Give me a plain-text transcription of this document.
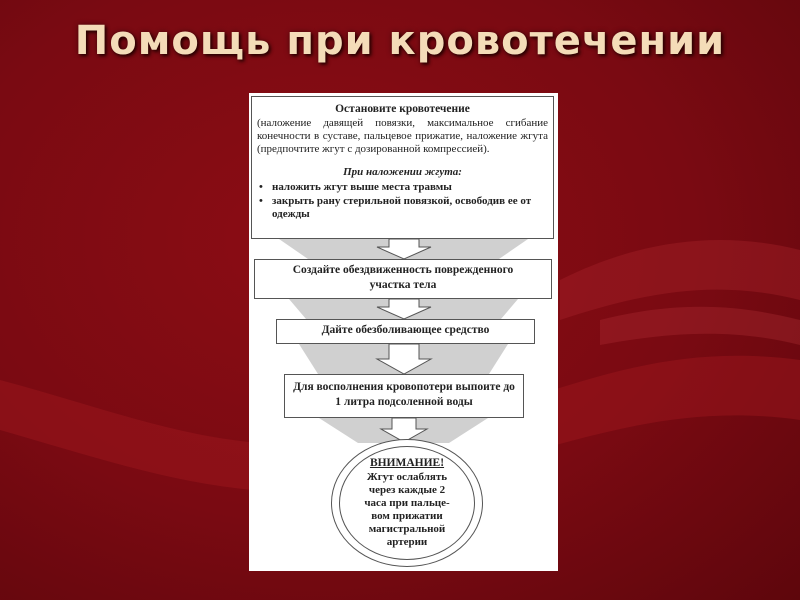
Помощь при кровотечении
Остановите кровотечение
(наложение давящей повязки, максимальное сгибание конечности в суставе, пальцевое прижатие, наложение жгута (предпочтите жгут с дозированной компрессией).
При наложении жгута:
• наложить жгут выше места травмы
• закрыть рану стерильной повязкой, освободив ее от одежды
Создайте обездвиженность поврежденного участка тела
Дайте обезболивающее средство
Для восполнения кровопотери выпоите до 1 литра подсоленной воды
ВНИМАНИЕ!
Жгут ослаблять через каждые 2 часа при пальце-вом прижатии магистральной артерии
